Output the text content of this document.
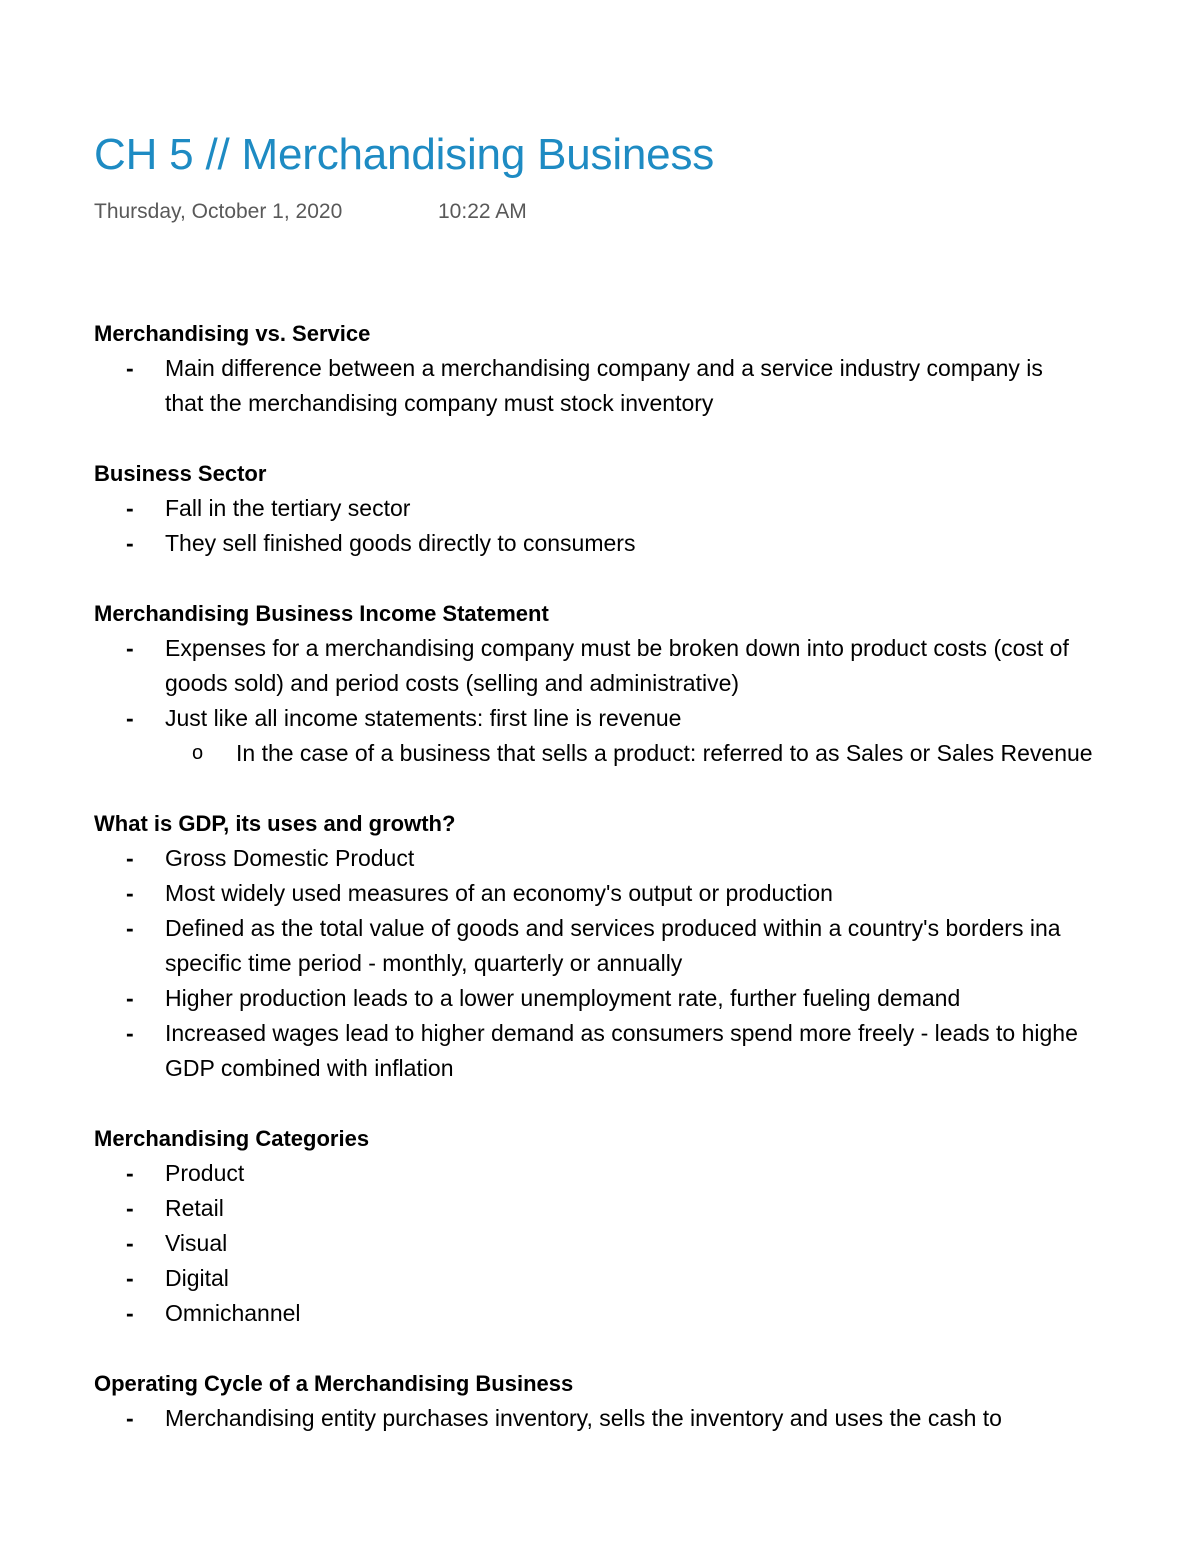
CH 5 // Merchandising Business
Thursday, October 1, 2020	10:22 AM
Merchandising vs. Service
- Main difference between a merchandising company and a service industry company is
that the merchandising company must stock inventory
Business Sector
- Fall in the tertiary sector
- They sell finished goods directly to consumers
Merchandising Business Income Statement
- Expenses for a merchandising company must be broken down into product costs (cost of
goods sold) and period costs (selling and administrative)
- Just like all income statements: first line is revenue
o In the case of a business that sells a product: referred to as Sales or Sales Revenue
What is GDP, its uses and growth?
- Gross Domestic Product
- Most widely used measures of an economy's output or production
- Defined as the total value of goods and services produced within a country's borders ina
specific time period - monthly, quarterly or annually
- Higher production leads to a lower unemployment rate, further fueling demand
- Increased wages lead to higher demand as consumers spend more freely - leads to highe
GDP combined with inflation
Merchandising Categories
- Product
- Retail
- Visual
- Digital
- Omnichannel
Operating Cycle of a Merchandising Business
- Merchandising entity purchases inventory, sells the inventory and uses the cash to
